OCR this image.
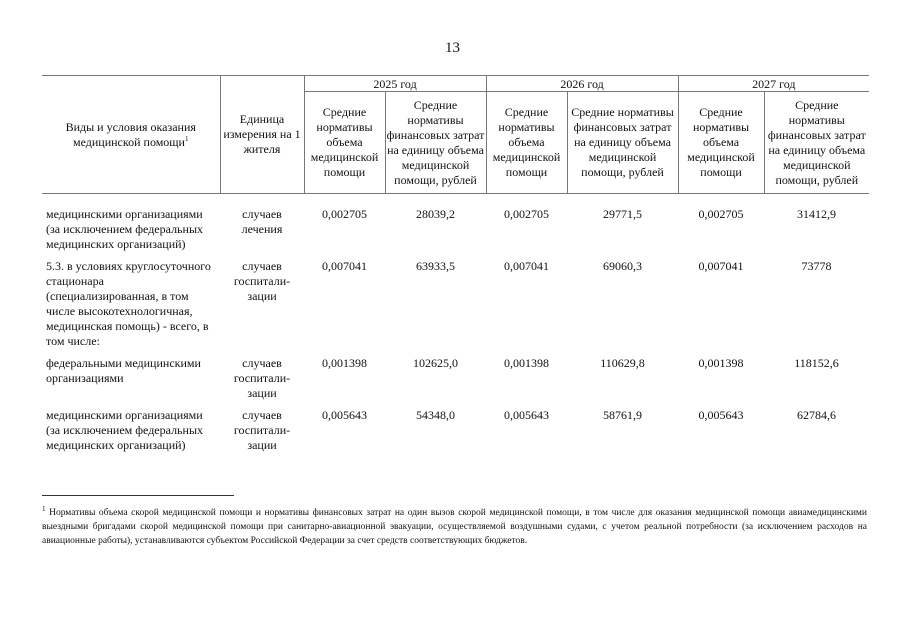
13
Виды и условия оказания медицинской помощи$^1$	Единица измерения на 1 жителя	2025 год		2026 год		2027 год	
		Средние нормативы объема медицинской помощи	Средние нормативы финансовых затрат на единицу объема медицинской помощи, рублей	Средние нормативы объема медицинской помощи	Средние нормативы финансовых затрат на единицу объема медицинской помощи, рублей	Средние нормативы объема медицинской помощи	Средние нормативы финансовых затрат на единицу объема медицинской помощи, рублей
медицинскими организациями (за исключением федеральных медицинских организаций)	случаев лечения	0,002705	28039,2	0,002705	29771,5	0,002705	31412,9
5.3. в условиях круглосуточного стационара (специализированная, в том числе высокотехнологичная, медицинская помощь) - всего, в том числе:	случаев госпитали-зации	0,007041	63933,5	0,007041	69060,3	0,007041	73778
федеральными медицинскими организациями	случаев госпитали-зации	0,001398	102625,0	0,001398	110629,8	0,001398	118152,6
медицинскими организациями (за исключением федеральных медицинских организаций)	случаев госпитали-зации	0,005643	54348,0	0,005643	58761,9	0,005643	62784,6
$^1$ Нормативы объема скорой медицинской помощи и нормативы финансовых затрат на один вызов скорой медицинской помощи, в том числе для оказания медицинской помощи авиамедицинскими выездными бригадами скорой медицинской помощи при санитарно-авиационной эвакуации, осуществляемой воздушными судами, с учетом реальной потребности (за исключением расходов на авиационные работы), устанавливаются субъектом Российской Федерации за счет средств соответствующих бюджетов.
